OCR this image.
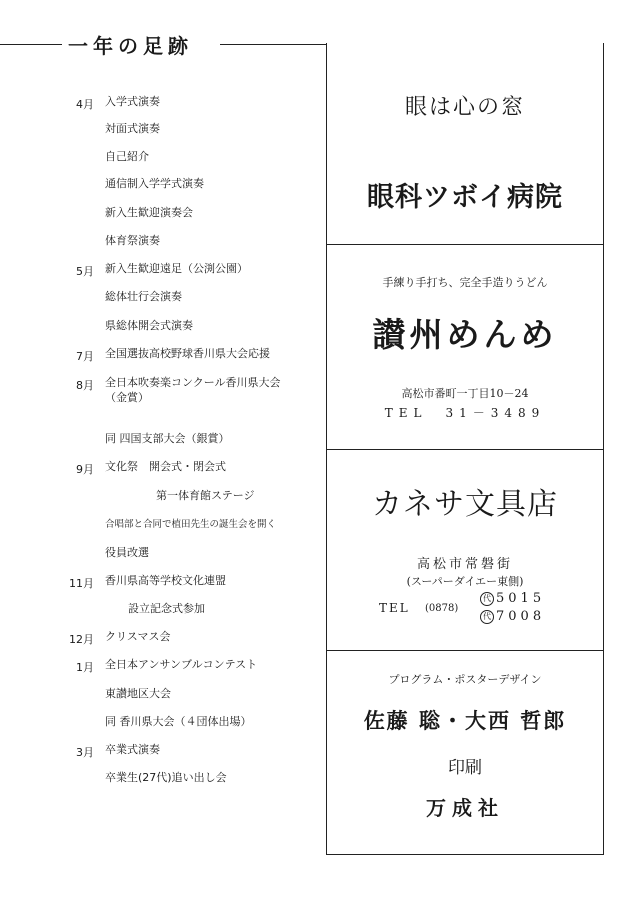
一年の足跡
4月 入学式演奏
対面式演奏
自己紹介
通信制入学学式演奏
新入生歓迎演奏会
体育祭演奏
5月 新入生歓迎遠足（公渕公園）
総体壮行会演奏
県総体開会式演奏
7月 全国選抜高校野球香川県大会応援
8月 全日本吹奏楽コンクール香川県大会
（金賞）
同 四国支部大会（銀賞）
9月 文化祭　開会式・閉会式
第一体育館ステージ
合唱部と合同で植田先生の誕生会を開く
役員改選
11月 香川県高等学校文化連盟
設立記念式参加
12月 クリスマス会
1月 全日本アンサンブルコンテスト
東讃地区大会
同 香川県大会（４団体出場）
3月 卒業式演奏
卒業生(27代)追い出し会
眼は心の窓
眼科ツボイ病院
手練り手打ち、完全手造りうどん
讃州めんめ
高松市番町一丁目10－24
TEL　31－3489
カネサ文具店
高松市常磐街
(スーパーダイエー東側)
TEL (0878)
代 5015
代 7008
プログラム・ポスターデザイン
佐藤 聡・大西 哲郎
印刷
万成社
